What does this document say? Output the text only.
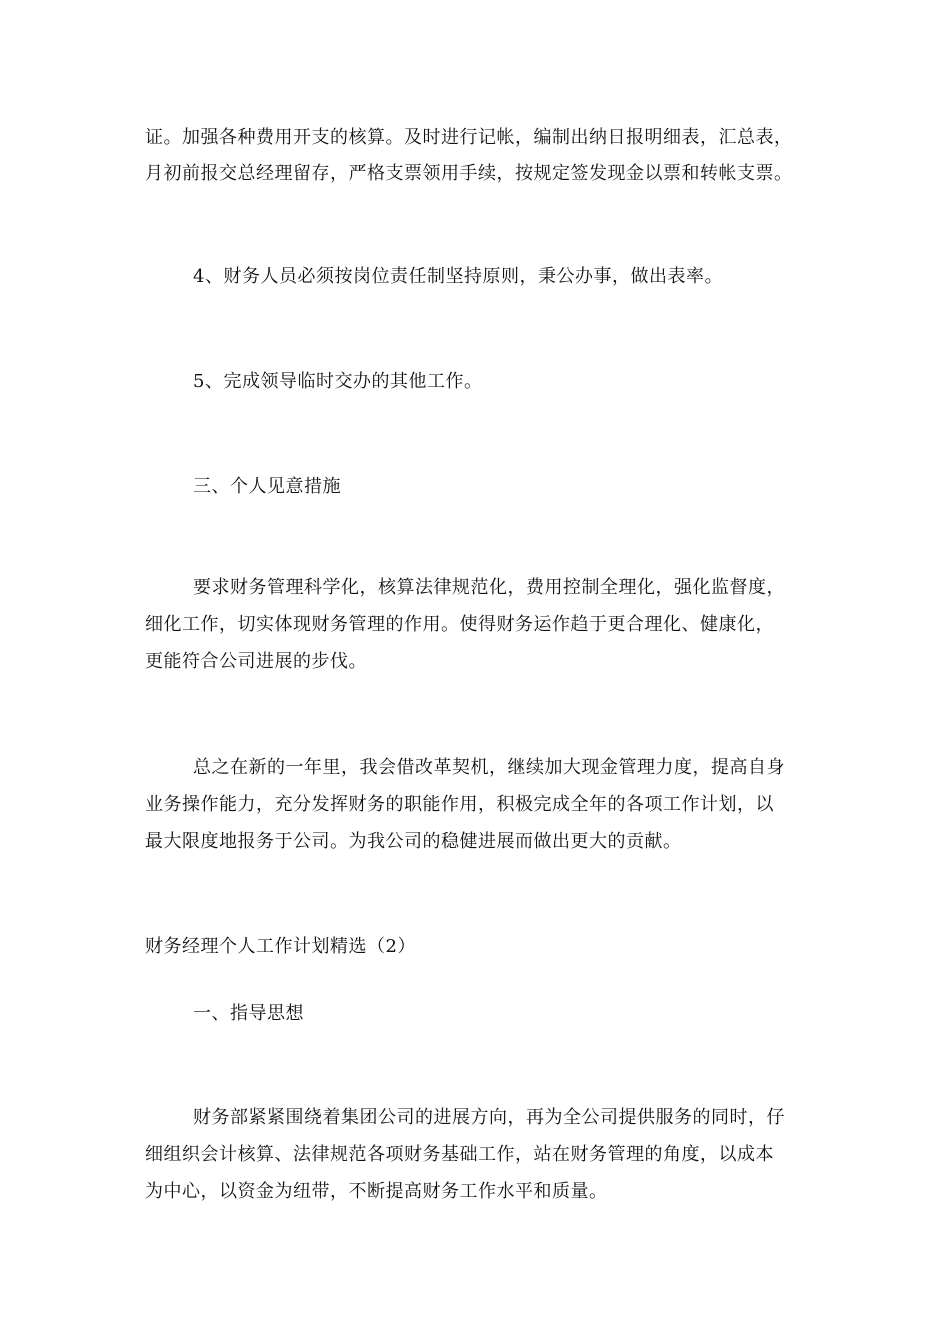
证。加强各种费用开支的核算。及时进行记帐，编制出纳日报明细表，汇总表，
月初前报交总经理留存，严格支票领用手续，按规定签发现金以票和转帐支票。
4、财务人员必须按岗位责任制坚持原则，秉公办事，做出表率。
5、完成领导临时交办的其他工作。
三、个人见意措施
要求财务管理科学化，核算法律规范化，费用控制全理化，强化监督度，
细化工作，切实体现财务管理的作用。使得财务运作趋于更合理化、健康化，
更能符合公司进展的步伐。
总之在新的一年里，我会借改革契机，继续加大现金管理力度，提高自身
业务操作能力，充分发挥财务的职能作用，积极完成全年的各项工作计划，以
最大限度地报务于公司。为我公司的稳健进展而做出更大的贡献。
财务经理个人工作计划精选（2）
一、指导思想
财务部紧紧围绕着集团公司的进展方向，再为全公司提供服务的同时，仔
细组织会计核算、法律规范各项财务基础工作，站在财务管理的角度，以成本
为中心，以资金为纽带，不断提高财务工作水平和质量。
